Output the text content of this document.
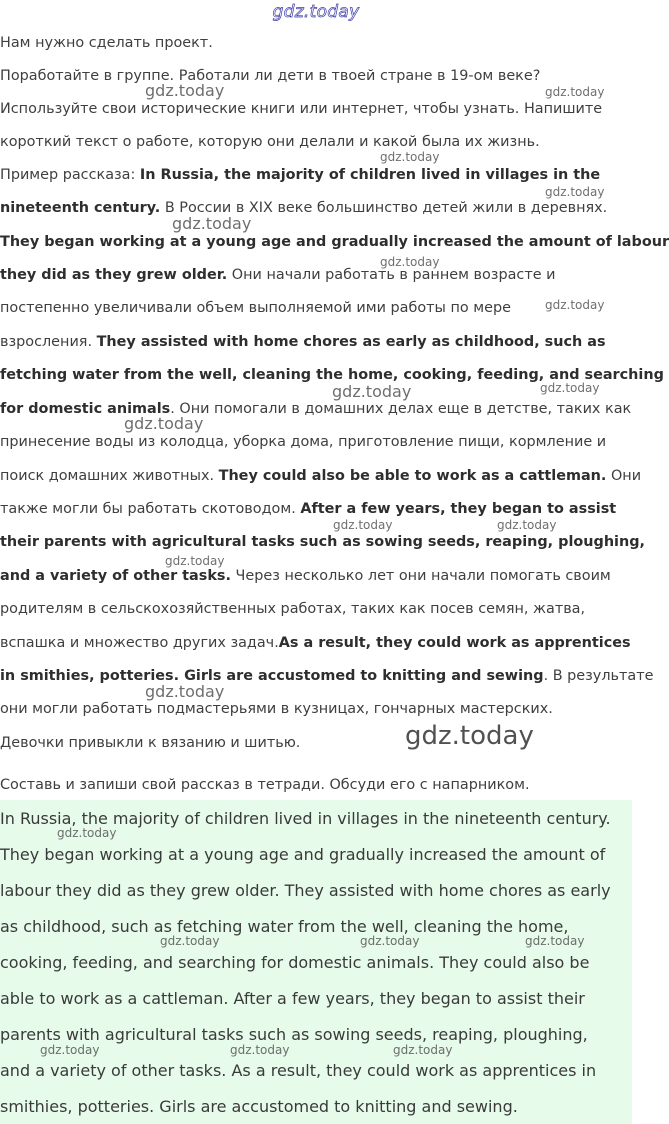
gdz.today
Нам нужно сделать проект.
Поработайте в группе. Работали ли дети в твоей стране в 19-ом веке?
Используйте свои исторические книги или интернет, чтобы узнать. Напишите
короткий текст о работе, которую они делали и какой была их жизнь.
Пример рассказа: In Russia, the majority of children lived in villages in the
nineteenth century. В России в XIX веке большинство детей жили в деревнях.
They began working at a young age and gradually increased the amount of labour
they did as they grew older. Они начали работать в раннем возрасте и
постепенно увеличивали объем выполняемой ими работы по мере
взросления. They assisted with home chores as early as childhood, such as
fetching water from the well, cleaning the home, cooking, feeding, and searching
for domestic animals. Они помогали в домашних делах еще в детстве, таких как
принесение воды из колодца, уборка дома, приготовление пищи, кормление и
поиск домашних животных. They could also be able to work as a cattleman. Они
также могли бы работать скотоводом. After a few years, they began to assist
their parents with agricultural tasks such as sowing seeds, reaping, ploughing,
and a variety of other tasks. Через несколько лет они начали помогать своим
родителям в сельскохозяйственных работах, таких как посев семян, жатва,
вспашка и множество других задач.As a result, they could work as apprentices
in smithies, potteries. Girls are accustomed to knitting and sewing. В результате
они могли работать подмастерьями в кузницах, гончарных мастерских.
Девочки привыкли к вязанию и шитью.
Составь и запиши свой рассказ в тетради. Обсуди его с напарником.
In Russia, the majority of children lived in villages in the nineteenth century.
They began working at a young age and gradually increased the amount of
labour they did as they grew older. They assisted with home chores as early
as childhood, such as fetching water from the well, cleaning the home,
cooking, feeding, and searching for domestic animals. They could also be
able to work as a cattleman. After a few years, they began to assist their
parents with agricultural tasks such as sowing seeds, reaping, ploughing,
and a variety of other tasks. As a result, they could work as apprentices in
smithies, potteries. Girls are accustomed to knitting and sewing.
gdz.today	gdz.today
gdz.today
gdz.today
gdz.today
gdz.today
gdz.today
gdz.today	gdz.today
gdz.today
gdz.today	gdz.today
gdz.today
gdz.today
gdz.today
gdz.today
gdz.today	gdz.today	gdz.today
gdz.today	gdz.today	gdz.today
